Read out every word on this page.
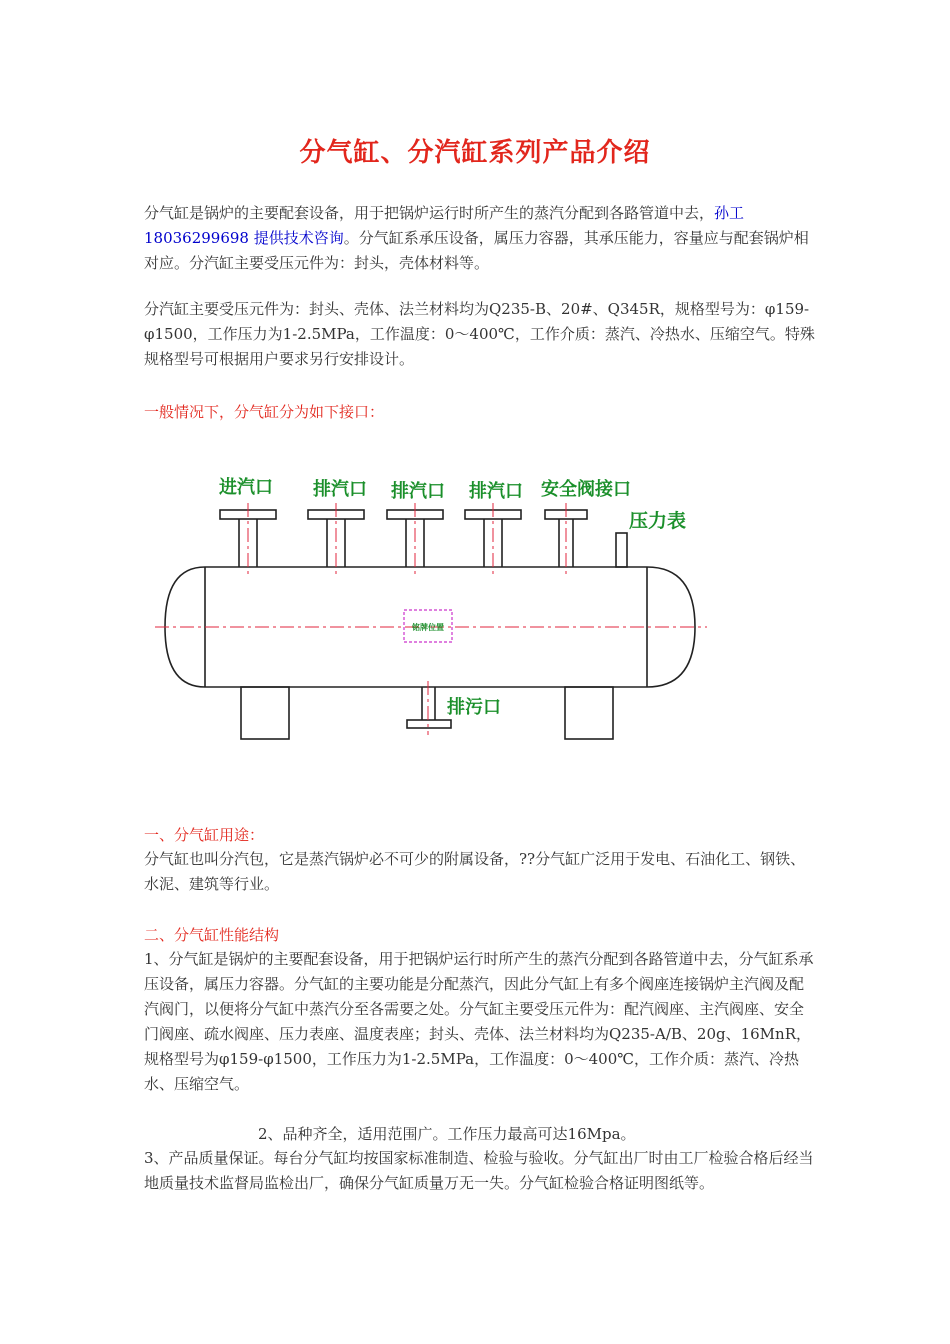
分气缸、分汽缸系列产品介绍
分气缸是锅炉的主要配套设备，用于把锅炉运行时所产生的蒸汽分配到各路管道中去，孙工 18036299698 提供技术咨询。分气缸系承压设备，属压力容器，其承压能力，容量应与配套锅炉相对应。分汽缸主要受压元件为：封头，壳体材料等。
分汽缸主要受压元件为：封头、壳体、法兰材料均为Q235-B、20#、Q345R，规格型号为：φ159-φ1500，工作压力为1-2.5MPa，工作温度：0～400℃，工作介质：蒸汽、冷热水、压缩空气。特殊规格型号可根据用户要求另行安排设计。
一般情况下，分气缸分为如下接口：
铭牌位置
进汽口 排汽口 排汽口 排汽口 安全阀接口
压力表
排污口
一、分气缸用途：
分气缸也叫分汽包，它是蒸汽锅炉必不可少的附属设备，??分气缸广泛用于发电、石油化工、钢铁、水泥、建筑等行业。
二、分气缸性能结构
1、分气缸是锅炉的主要配套设备，用于把锅炉运行时所产生的蒸汽分配到各路管道中去，分气缸系承压设备，属压力容器。分气缸的主要功能是分配蒸汽，因此分气缸上有多个阀座连接锅炉主汽阀及配汽阀门，以便将分气缸中蒸汽分至各需要之处。分气缸主要受压元件为：配汽阀座、主汽阀座、安全门阀座、疏水阀座、压力表座、温度表座；封头、壳体、法兰材料均为Q235-A/B、20g、16MnR，规格型号为φ159-φ1500，工作压力为1-2.5MPa，工作温度：0～400℃，工作介质：蒸汽、冷热水、压缩空气。
2、品种齐全，适用范围广。工作压力最高可达16Mpa。
3、产品质量保证。每台分气缸均按国家标准制造、检验与验收。分气缸出厂时由工厂检验合格后经当地质量技术监督局监检出厂，确保分气缸质量万无一失。分气缸检验合格证明图纸等。
